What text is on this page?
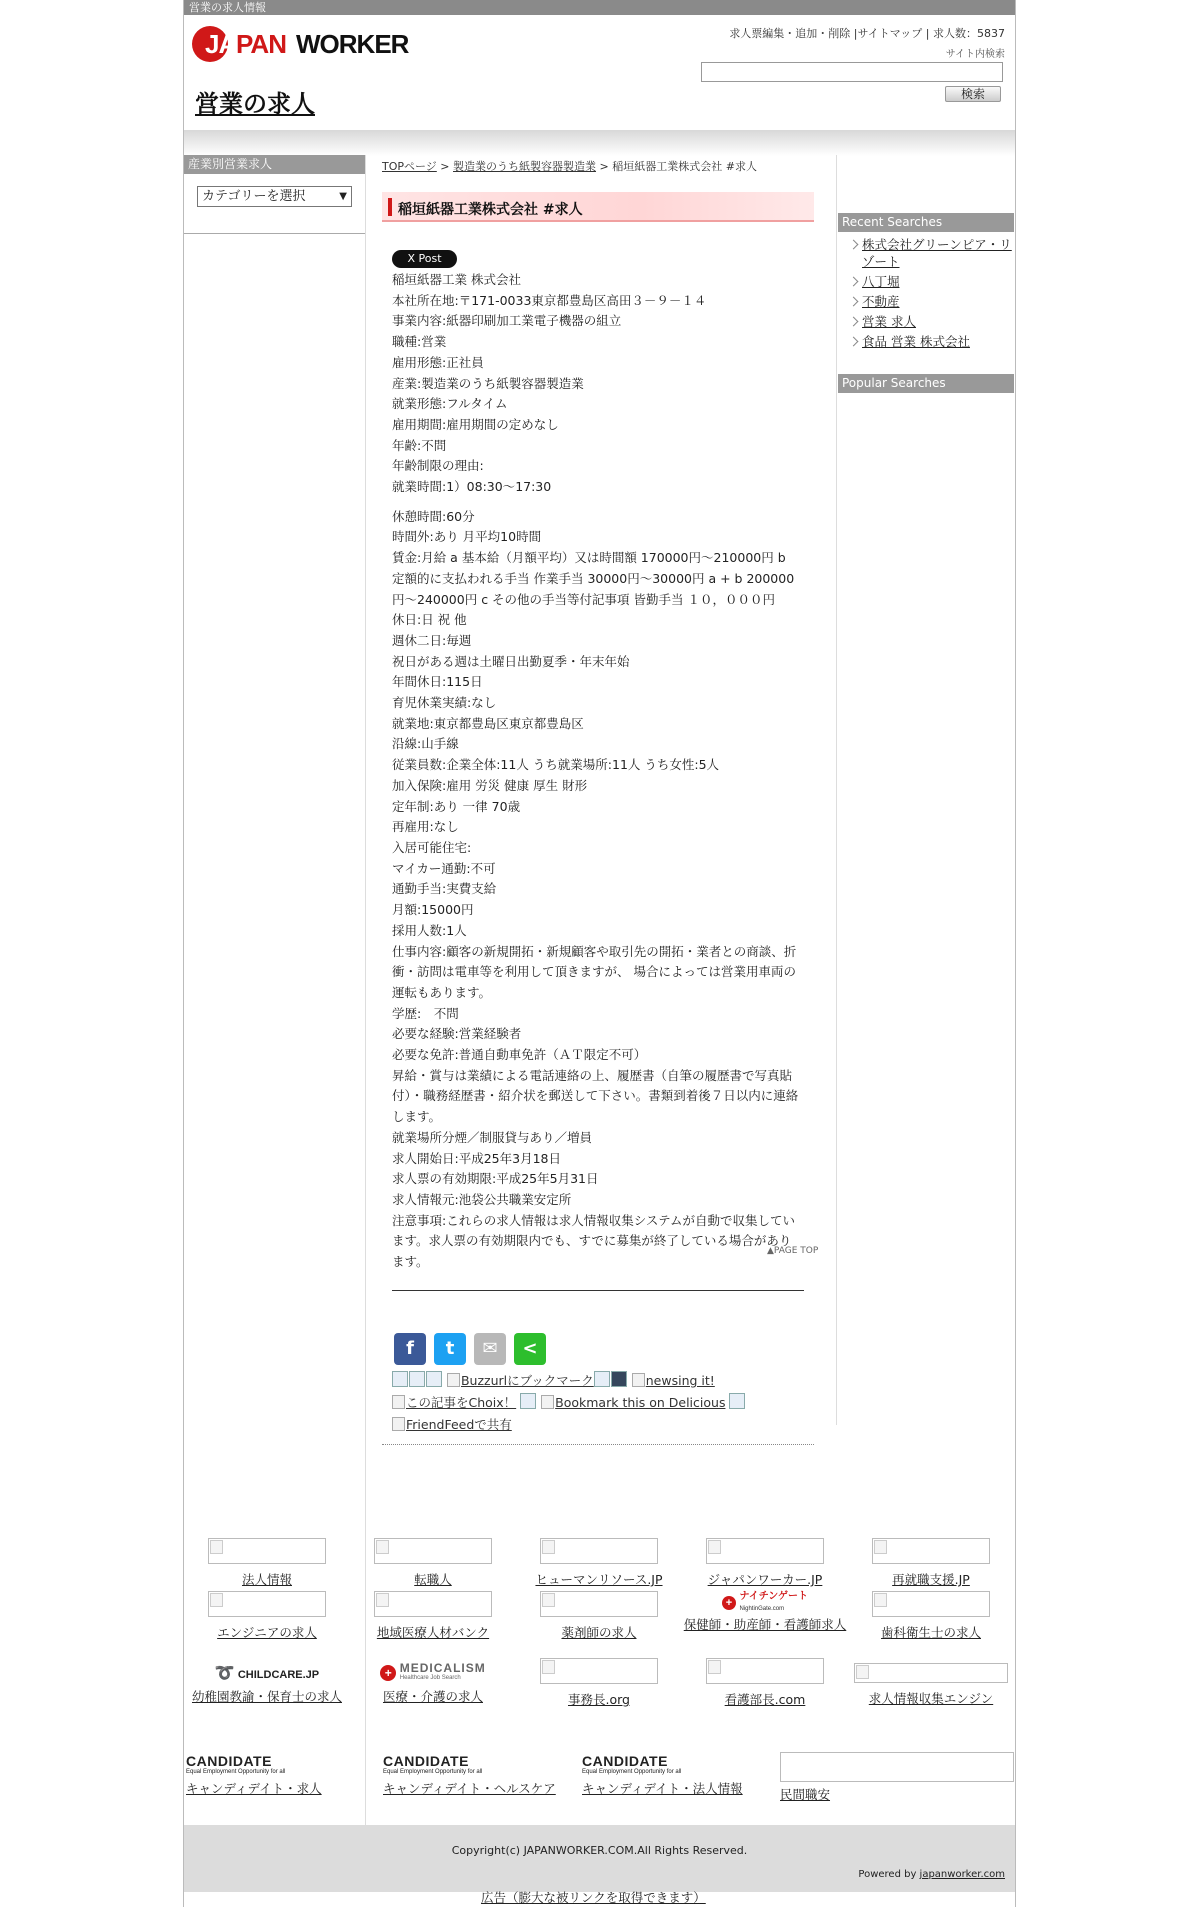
営業の求人情報
JA PAN WORKER
営業の求人
求人票編集・追加・削除 |サイトマップ | 求人数：5837
サイト内検索
検索
産業別営業求人
カテゴリーを選択	▼
TOPページ > 製造業のうち紙製容器製造業 > 稲垣紙器工業株式会社 #求人
稲垣紙器工業株式会社 #求人
X Post
稲垣紙器工業 株式会社
本社所在地:〒171-0033東京都豊島区高田３－９－１４
事業内容:紙器印刷加工業電子機器の組立
職種:営業
雇用形態:正社員
産業:製造業のうち紙製容器製造業
就業形態:フルタイム
雇用期間:雇用期間の定めなし
年齢:不問
年齢制限の理由:
就業時間:1）08:30〜17:30
休憩時間:60分
時間外:あり 月平均10時間
賃金:月給 a 基本給（月額平均）又は時間額 170000円〜210000円 b 定額的に支払われる手当 作業手当 30000円〜30000円 a + b 200000円〜240000円 c その他の手当等付記事項 皆勤手当 １０，０００円
休日:日 祝 他
週休二日:毎週
祝日がある週は土曜日出勤夏季・年末年始
年間休日:115日
育児休業実績:なし
就業地:東京都豊島区東京都豊島区
沿線:山手線
従業員数:企業全体:11人 うち就業場所:11人 うち女性:5人
加入保険:雇用 労災 健康 厚生 財形
定年制:あり 一律 70歳
再雇用:なし
入居可能住宅:
マイカー通勤:不可
通勤手当:実費支給
月額:15000円
採用人数:1人
仕事内容:顧客の新規開拓・新規顧客や取引先の開拓・業者との商談、折衝・訪問は電車等を利用して頂きますが、 場合によっては営業用車両の運転もあります。
学歴:　不問
必要な経験:営業経験者
必要な免許:普通自動車免許（ＡＴ限定不可）
昇給・賞与は業績による電話連絡の上、履歴書（自筆の履歴書で写真貼付）・職務経歴書・紹介状を郵送して下さい。書類到着後７日以内に連絡します。
就業場所分煙／制服貸与あり／増員
求人開始日:平成25年3月18日
求人票の有効期限:平成25年5月31日
求人情報元:池袋公共職業安定所
注意事項:これらの求人情報は求人情報収集システムが自動で収集しています。求人票の有効期限内でも、すでに募集が終了している場合があります。
f	t	✉	<
Buzzurlにブックマーク	newsing it!
この記事をChoix！	Bookmark this on Delicious
FriendFeedで共有
▲PAGE TOP
Recent Searches
株式会社グリーンピア・リゾート
八丁堀
不動産
営業 求人
食品 営業 株式会社
Popular Searches
法人情報	転職人	ヒューマンリソース.JP	ジャパンワーカー.JP	再就職支援.JP
エンジニアの求人	地域医療人材バンク	薬剤師の求人
+
ナイチンゲート
NightinGate.com
保健師・助産師・看護師求人
歯科衛生士の求人
➰ CHILDCARE.JP
幼稚園教諭・保育士の求人
+ MEDICALISM
Healthcare Job Search
医療・介護の求人	事務長.org	看護部長.com	求人情報収集エンジン
CANDIDATE
Equal Employment Opportunity for all
キャンディデイト・求人
CANDIDATE
Equal Employment Opportunity for all
キャンディデイト・ヘルスケア
CANDIDATE
Equal Employment Opportunity for all
キャンディデイト・法人情報	民間職安
Copyright(c) JAPANWORKER.COM.All Rights Reserved.
Powered by japanworker.com
広告（膨大な被リンクを取得できます）
